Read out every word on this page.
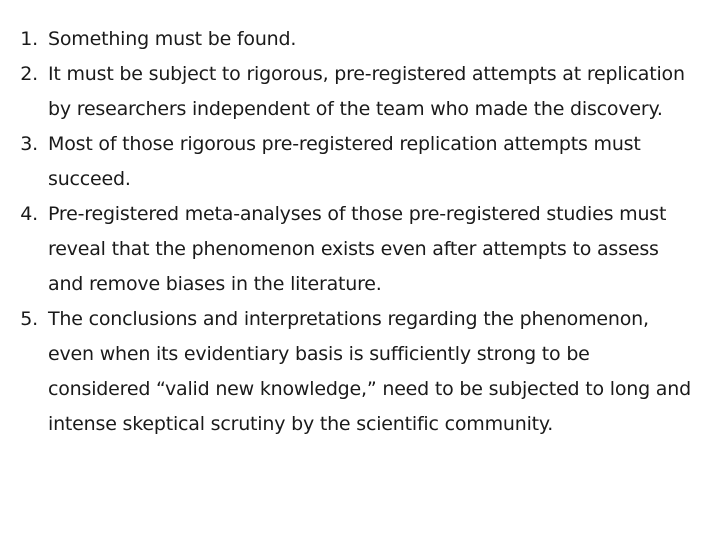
1. Something must be found.
2. It must be subject to rigorous, pre-registered attempts at replication by researchers independent of the team who made the discovery.
3. Most of those rigorous pre-registered replication attempts must succeed.
4. Pre-registered meta-analyses of those pre-registered studies must reveal that the phenomenon exists even after attempts to assess and remove biases in the literature.
5. The conclusions and interpretations regarding the phenomenon, even when its evidentiary basis is sufficiently strong to be considered “valid new knowledge,” need to be subjected to long and intense skeptical scrutiny by the scientific community.
